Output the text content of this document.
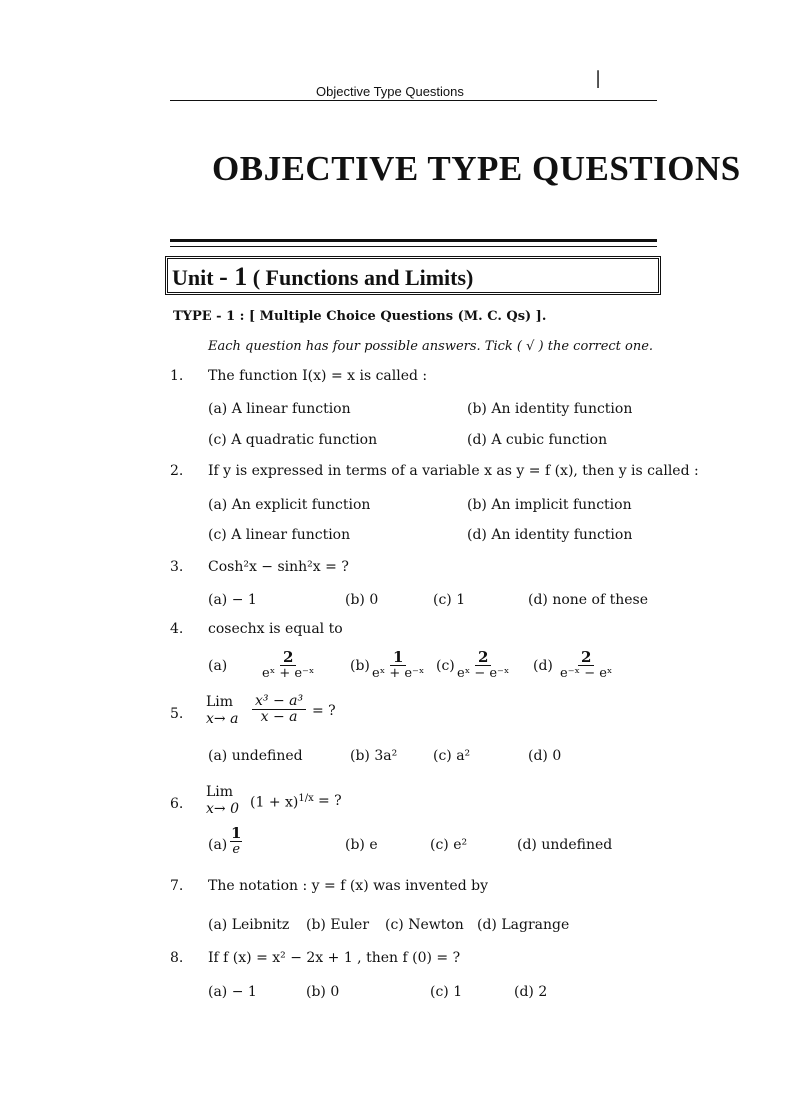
Objective Type Questions
|
OBJECTIVE TYPE QUESTIONS
Unit - 1 ( Functions and Limits)
TYPE - 1 : [ Multiple Choice Questions (M. C. Qs) ].
Each question has four possible answers. Tick ( √ ) the correct one.
1. The function I(x) = x is called :
(a) A linear function	(b) An identity function
(c) A quadratic function	(d) A cubic function
2. If y is expressed in terms of a variable x as y = f (x), then y is called :
(a) An explicit function	(b) An implicit function
(c) A linear function	(d) An identity function
3. Cosh²x − sinh²x = ?
(a) − 1	(b) 0	(c) 1	(d) none of these
4. cosechx is equal to
$(a) \frac{2}{\text{eˣ + e⁻ˣ}}$	$(b) \frac{1}{\text{eˣ + e⁻ˣ}} (c) \frac{2}{\text{eˣ − e⁻ˣ}} (d) \frac{2}{\text{e⁻ˣ − eˣ}}$
5.
Lim
x→ a $\frac{\text{x³ − a³}}{x - a}$ = ?
(a) undefined	(b) 3a²	(c) a²	(d) 0
6.
Lim
x→ 0 $(1 + x)^{1/x}$ = ?
$(a) \frac{1}{e}$	(b) e	(c) e²	(d) undefined
7. The notation : y = f (x) was invented by
(a) Leibnitz (b) Euler (c) Newton (d) Lagrange
8. If f (x) = x² − 2x + 1 , then f (0) = ?
(a) − 1	(b) 0	(c) 1	(d) 2
